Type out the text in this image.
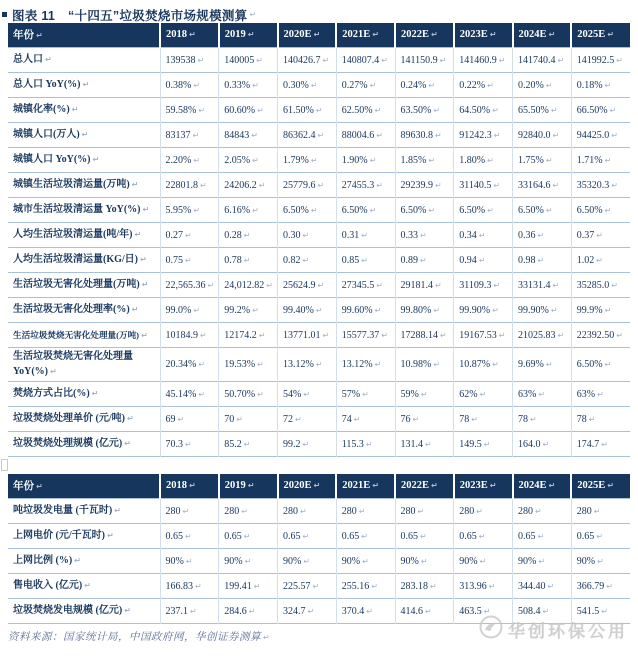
图表 11　“十四五”垃圾焚烧市场规模测算 ↵
年份 ↵	2018 ↵	2019 ↵	2020E ↵	2021E ↵	2022E ↵	2023E ↵	2024E ↵	2025E ↵
总人口 ↵	139538 ↵	140005 ↵	140426.7 ↵	140807.4 ↵	141150.9 ↵	141460.9 ↵	141740.4 ↵	141992.5 ↵
总人口 YoY(%) ↵	0.38% ↵	0.33% ↵	0.30% ↵	0.27% ↵	0.24% ↵	0.22% ↵	0.20% ↵	0.18% ↵
城镇化率(%) ↵	59.58% ↵	60.60% ↵	61.50% ↵	62.50% ↵	63.50% ↵	64.50% ↵	65.50% ↵	66.50% ↵
城镇人口(万人) ↵	83137 ↵	84843 ↵	86362.4 ↵	88004.6 ↵	89630.8 ↵	91242.3 ↵	92840.0 ↵	94425.0 ↵
城镇人口 YoY(%) ↵	2.20% ↵	2.05% ↵	1.79% ↵	1.90% ↵	1.85% ↵	1.80% ↵	1.75% ↵	1.71% ↵
城镇生活垃圾清运量(万吨) ↵	22801.8 ↵	24206.2 ↵	25779.6 ↵	27455.3 ↵	29239.9 ↵	31140.5 ↵	33164.6 ↵	35320.3 ↵
城市生活垃圾清运量 YoY(%) ↵	5.95% ↵	6.16% ↵	6.50% ↵	6.50% ↵	6.50% ↵	6.50% ↵	6.50% ↵	6.50% ↵
人均生活垃圾清运量(吨/年) ↵	0.27 ↵	0.28 ↵	0.30 ↵	0.31 ↵	0.33 ↵	0.34 ↵	0.36 ↵	0.37 ↵
人均生活垃圾清运量(KG/日) ↵	0.75 ↵	0.78 ↵	0.82 ↵	0.85 ↵	0.89 ↵	0.94 ↵	0.98 ↵	1.02 ↵
生活垃圾无害化处理量(万吨) ↵	22,565.36 ↵	24,012.82 ↵	25624.9 ↵	27345.5 ↵	29181.4 ↵	31109.3 ↵	33131.4 ↵	35285.0 ↵
生活垃圾无害化处理率(%) ↵	99.0% ↵	99.2% ↵	99.40% ↵	99.60% ↵	99.80% ↵	99.90% ↵	99.90% ↵	99.9% ↵
生活垃圾焚烧无害化处理量(万吨) ↵	10184.9 ↵	12174.2 ↵	13771.01 ↵	15577.37 ↵	17288.14 ↵	19167.53 ↵	21025.83 ↵	22392.50 ↵
生活垃圾焚烧无害化处理量 YoY(%) ↵	20.34% ↵	19.53% ↵	13.12% ↵	13.12% ↵	10.98% ↵	10.87% ↵	9.69% ↵	6.50% ↵
焚烧方式占比(%) ↵	45.14% ↵	50.70% ↵	54% ↵	57% ↵	59% ↵	62% ↵	63% ↵	63% ↵
垃圾焚烧处理单价 (元/吨) ↵	69 ↵	70 ↵	72 ↵	74 ↵	76 ↵	78 ↵	78 ↵	78 ↵
垃圾焚烧处理规模 (亿元) ↵	70.3 ↵	85.2 ↵	99.2 ↵	115.3 ↵	131.4 ↵	149.5 ↵	164.0 ↵	174.7 ↵
年份 ↵	2018 ↵	2019 ↵	2020E ↵	2021E ↵	2022E ↵	2023E ↵	2024E ↵	2025E ↵
吨垃圾发电量 (千瓦时) ↵	280 ↵	280 ↵	280 ↵	280 ↵	280 ↵	280 ↵	280 ↵	280 ↵
上网电价 (元/千瓦时) ↵	0.65 ↵	0.65 ↵	0.65 ↵	0.65 ↵	0.65 ↵	0.65 ↵	0.65 ↵	0.65 ↵
上网比例 (%) ↵	90% ↵	90% ↵	90% ↵	90% ↵	90% ↵	90% ↵	90% ↵	90% ↵
售电收入 (亿元) ↵	166.83 ↵	199.41 ↵	225.57 ↵	255.16 ↵	283.18 ↵	313.96 ↵	344.40 ↵	366.79 ↵
垃圾焚烧发电规模 (亿元) ↵	237.1 ↵	284.6 ↵	324.7 ↵	370.4 ↵	414.6 ↵	463.5 ↵	508.4 ↵	541.5 ↵
资料来源：国家统计局，中国政府网，华创证券测算 ↵	华创环保公用
